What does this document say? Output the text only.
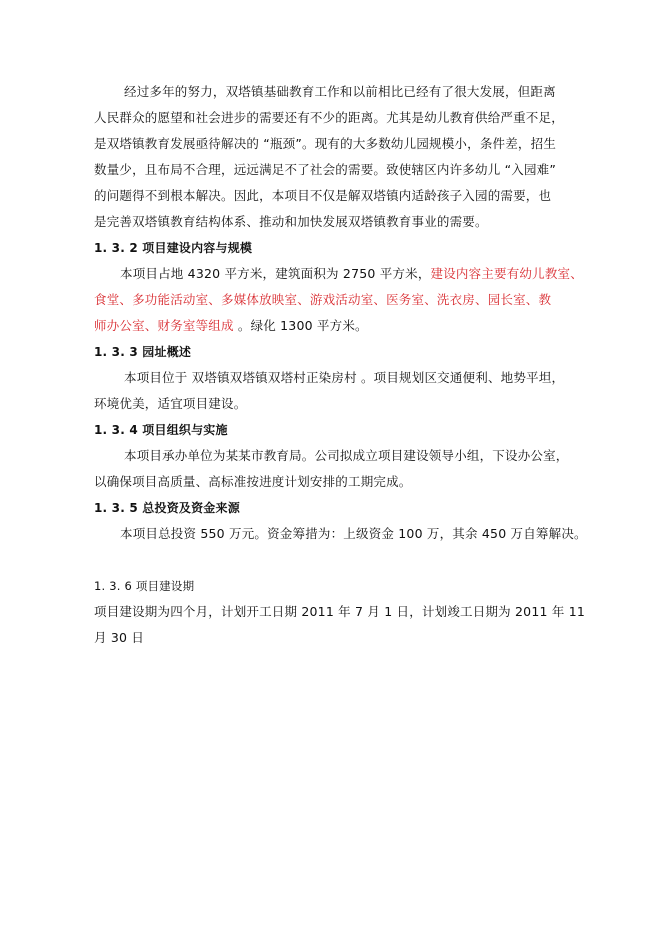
经过多年的努力，双塔镇基础教育工作和以前相比已经有了很大发展，但距离
人民群众的愿望和社会进步的需要还有不少的距离。尤其是幼儿教育供给严重不足，
是双塔镇教育发展亟待解决的 “瓶颈”。现有的大多数幼儿园规模小，条件差，招生
数量少，且布局不合理，远远满足不了社会的需要。致使辖区内许多幼儿 “入园难”
的问题得不到根本解决。因此，本项目不仅是解双塔镇内适龄孩子入园的需要，也
是完善双塔镇教育结构体系、推动和加快发展双塔镇教育事业的需要。
1. 3. 2 项目建设内容与规模
本项目占地 4320 平方米，建筑面积为 2750 平方米，建设内容主要有幼儿教室、
食堂、多功能活动室、多媒体放映室、游戏活动室、医务室、洗衣房、园长室、教
师办公室、财务室等组成 。绿化 1300 平方米。
1. 3. 3 园址概述
本项目位于 双塔镇双塔镇双塔村正染房村 。项目规划区交通便利、地势平坦，
环境优美，适宜项目建设。
1. 3. 4 项目组织与实施
本项目承办单位为某某市教育局。公司拟成立项目建设领导小组，下设办公室，
以确保项目高质量、高标准按进度计划安排的工期完成。
1. 3. 5 总投资及资金来源
本项目总投资 550 万元。资金筹措为：上级资金 100 万，其余 450 万自筹解决。
1. 3. 6 项目建设期
项目建设期为四个月，计划开工日期 2011 年 7 月 1 日，计划竣工日期为 2011 年 11
月 30 日
